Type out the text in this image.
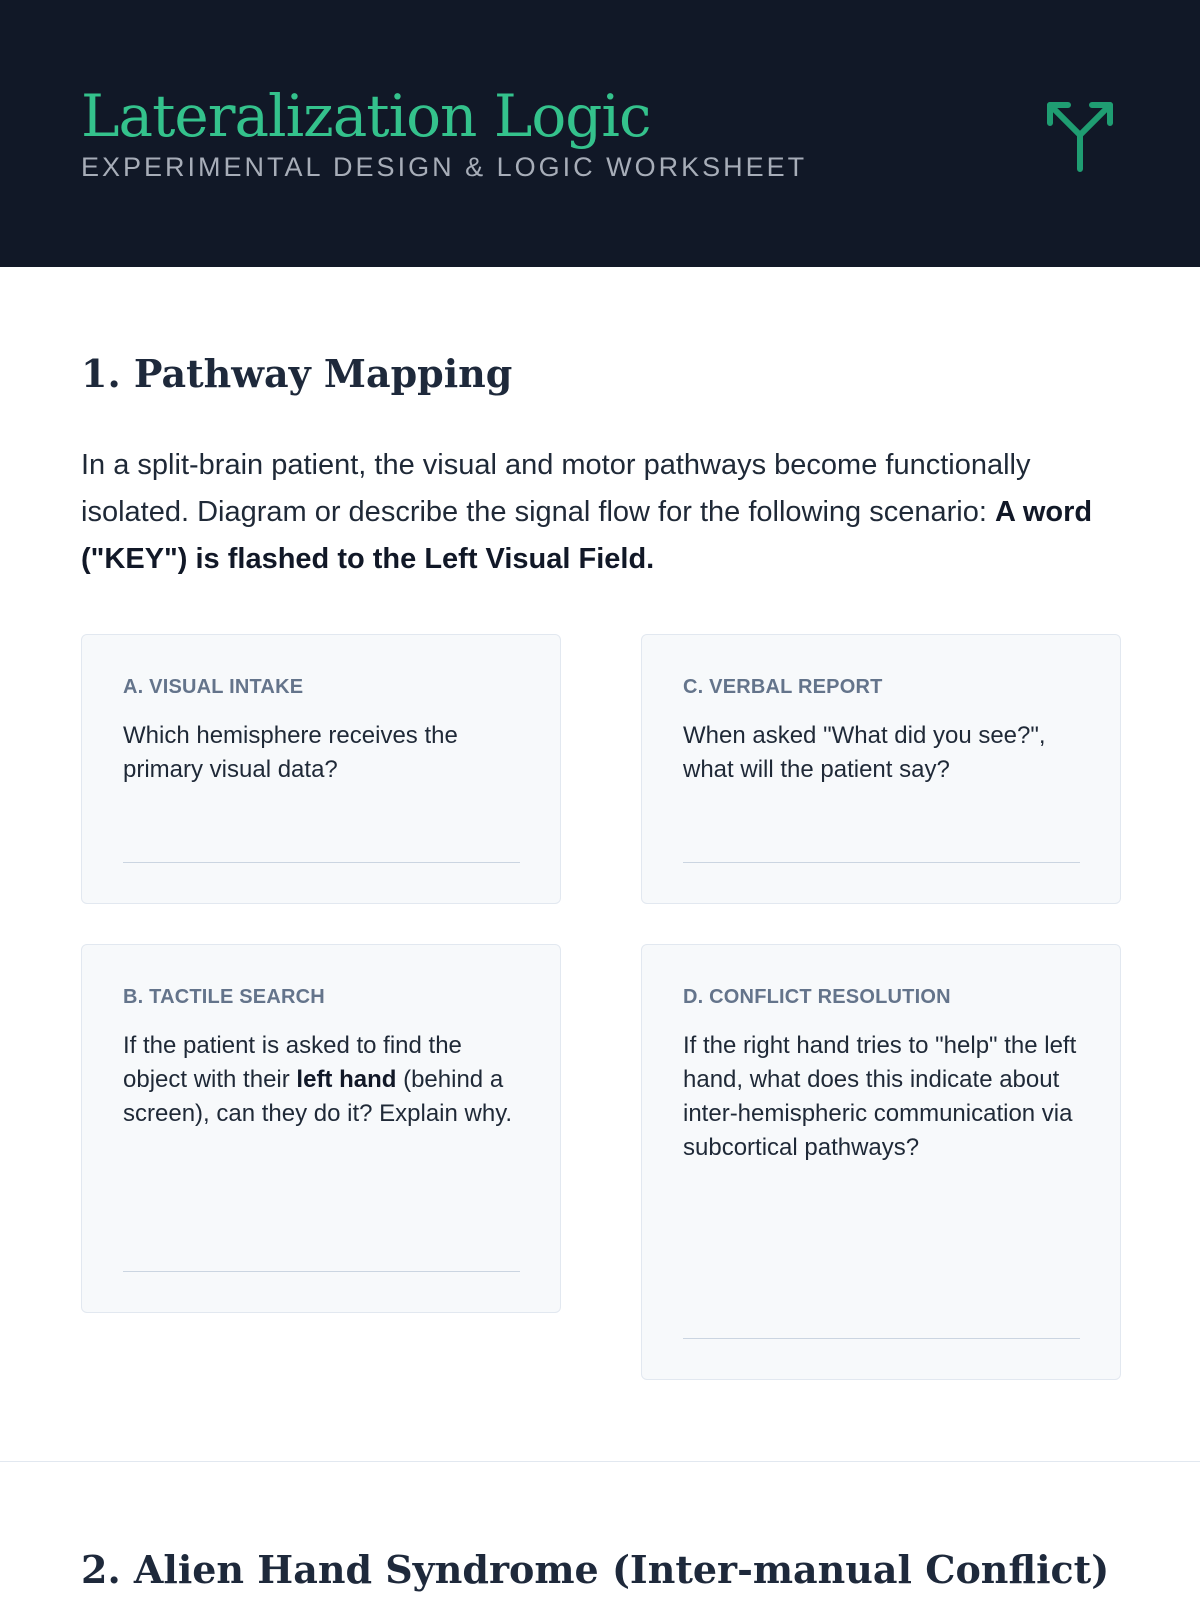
Lateralization Logic
EXPERIMENTAL DESIGN & LOGIC WORKSHEET
1. Pathway Mapping

In a split-brain patient, the visual and motor pathways become functionally isolated. Diagram or describe the signal flow for the following scenario: A word ("KEY") is flashed to the Left Visual Field.

A. VISUAL INTAKE
Which hemisphere receives the primary visual data?
C. VERBAL REPORT
When asked "What did you see?", what will the patient say?
B. TACTILE SEARCH
If the patient is asked to find the object with their left hand (behind a screen), can they do it? Explain why.
D. CONFLICT RESOLUTION
If the right hand tries to "help" the left hand, what does this indicate about inter-hemispheric communication via subcortical pathways?
2. Alien Hand Syndrome (Inter-manual Conflict)
